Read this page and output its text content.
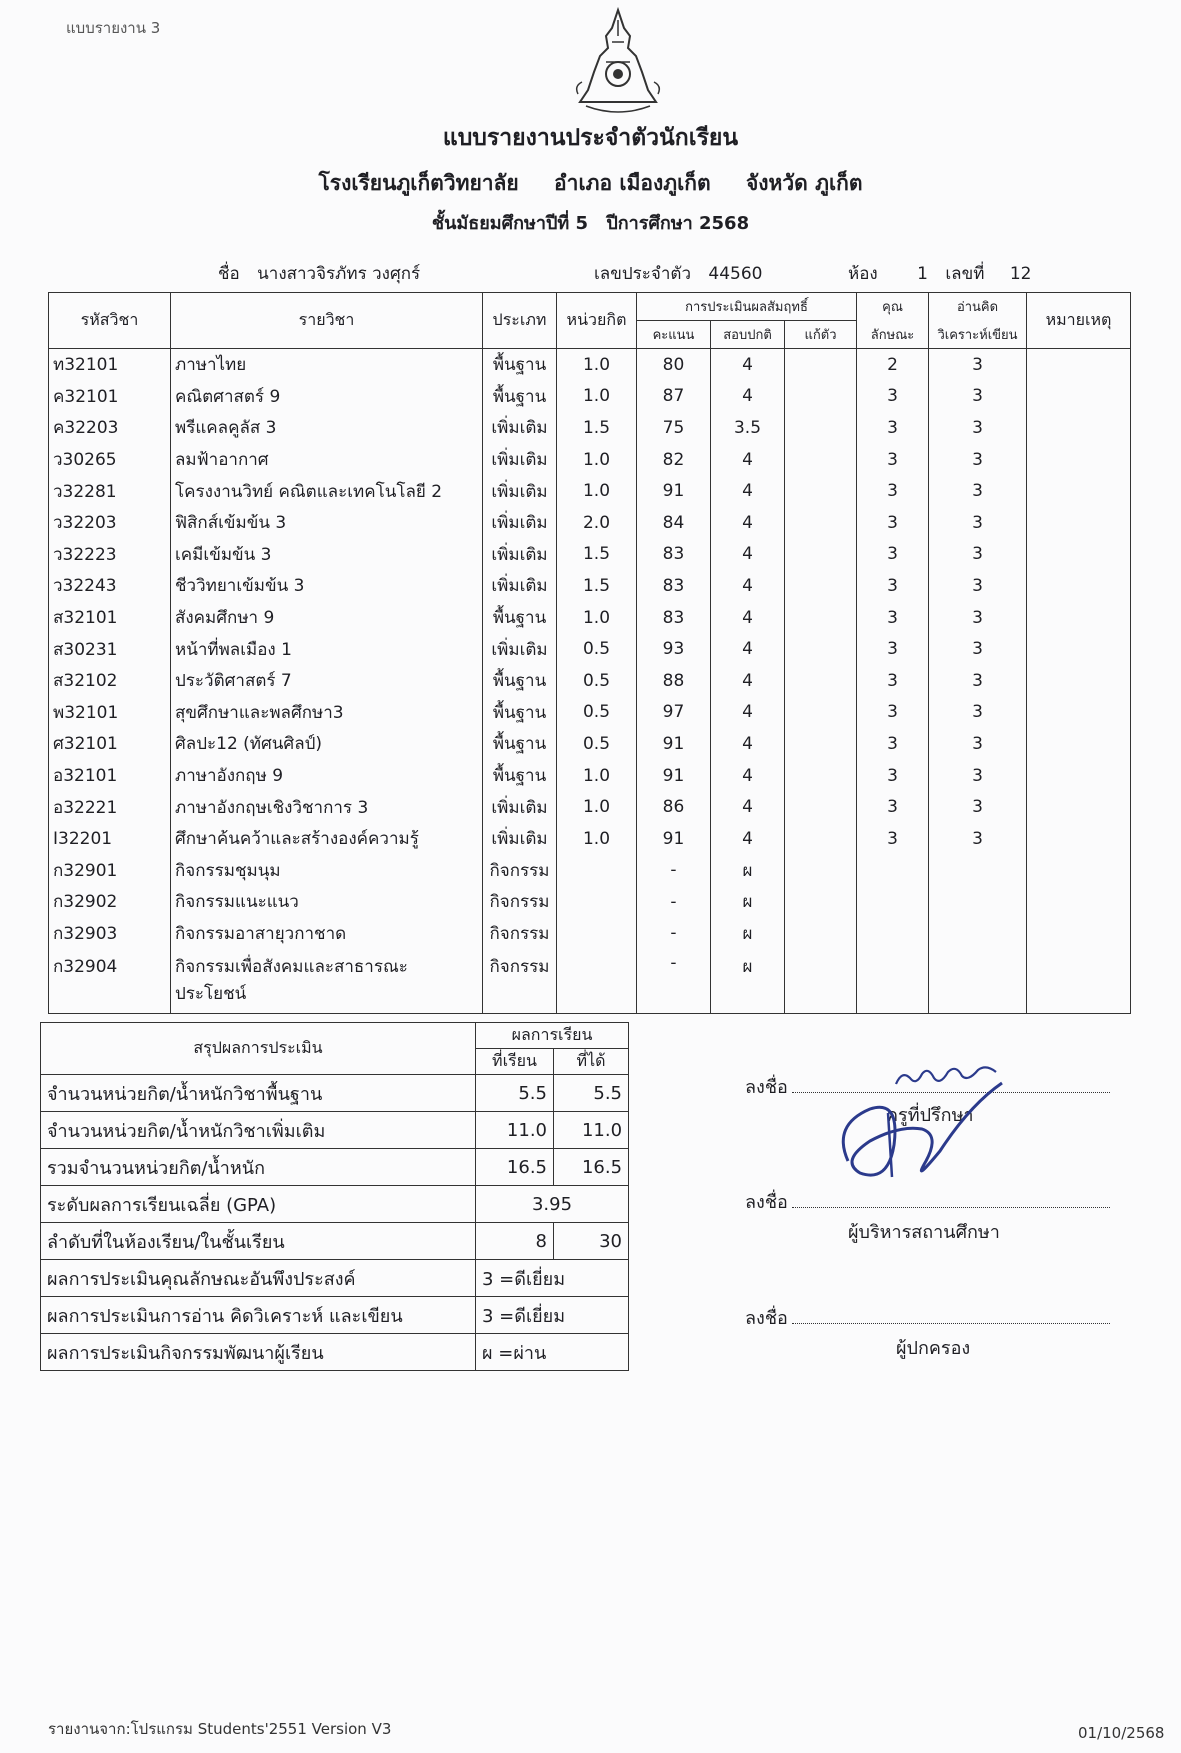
แบบรายงาน 3
แบบรายงานประจำตัวนักเรียน
โรงเรียนภูเก็ตวิทยาลัย อำเภอ เมืองภูเก็ต จังหวัด ภูเก็ต
ชั้นมัธยมศึกษาปีที่ 5 ปีการศึกษา 2568
ชื่อ นางสาวจิรภัทร วงศุกร์	เลขประจำตัว 44560	ห้อง 1 เลขที่ 12
รหัสวิชา	รายวิชา	ประเภท	หน่วยกิต	การประเมินผลสัมฤทธิ์			คุณ	อ่านคิด	หมายเหตุ
				คะแนน	สอบปกติ	แก้ตัว	ลักษณะ	วิเคราะห์เขียน	
ท32101	ภาษาไทย	พื้นฐาน	1.0	80	4		2	3	
ค32101	คณิตศาสตร์ 9	พื้นฐาน	1.0	87	4		3	3	
ค32203	พรีแคลคูลัส 3	เพิ่มเติม	1.5	75	3.5		3	3	
ว30265	ลมฟ้าอากาศ	เพิ่มเติม	1.0	82	4		3	3	
ว32281	โครงงานวิทย์ คณิตและเทคโนโลยี 2	เพิ่มเติม	1.0	91	4		3	3	
ว32203	ฟิสิกส์เข้มข้น 3	เพิ่มเติม	2.0	84	4		3	3	
ว32223	เคมีเข้มข้น 3	เพิ่มเติม	1.5	83	4		3	3	
ว32243	ชีววิทยาเข้มข้น 3	เพิ่มเติม	1.5	83	4		3	3	
ส32101	สังคมศึกษา 9	พื้นฐาน	1.0	83	4		3	3	
ส30231	หน้าที่พลเมือง 1	เพิ่มเติม	0.5	93	4		3	3	
ส32102	ประวัติศาสตร์ 7	พื้นฐาน	0.5	88	4		3	3	
พ32101	สุขศึกษาและพลศึกษา3	พื้นฐาน	0.5	97	4		3	3	
ศ32101	ศิลปะ12 (ทัศนศิลป์)	พื้นฐาน	0.5	91	4		3	3	
อ32101	ภาษาอังกฤษ 9	พื้นฐาน	1.0	91	4		3	3	
อ32221	ภาษาอังกฤษเชิงวิชาการ 3	เพิ่มเติม	1.0	86	4		3	3	
I32201	ศึกษาค้นคว้าและสร้างองค์ความรู้	เพิ่มเติม	1.0	91	4		3	3	
ก32901	กิจกรรมชุมนุม	กิจกรรม		-	ผ				
ก32902	กิจกรรมแนะแนว	กิจกรรม		-	ผ				
ก32903	กิจกรรมอาสายุวกาชาด	กิจกรรม		-	ผ				
ก32904	กิจกรรมเพื่อสังคมและสาธารณะประโยชน์	กิจกรรม		-	ผ				
สรุปผลการประเมิน	ผลการเรียน	
	ที่เรียน	ที่ได้
จำนวนหน่วยกิต/น้ำหนักวิชาพื้นฐาน	5.5	5.5
จำนวนหน่วยกิต/น้ำหนักวิชาเพิ่มเติม	11.0	11.0
รวมจำนวนหน่วยกิต/น้ำหนัก	16.5	16.5
ระดับผลการเรียนเฉลี่ย (GPA)	3.95	
ลำดับที่ในห้องเรียน/ในชั้นเรียน	8	30
ผลการประเมินคุณลักษณะอันพึงประสงค์	3 =ดีเยี่ยม	
ผลการประเมินการอ่าน คิดวิเคราะห์ และเขียน	3 =ดีเยี่ยม	
ผลการประเมินกิจกรรมพัฒนาผู้เรียน	ผ =ผ่าน	
ลงชื่อ
ครูที่ปรึกษา
ลงชื่อ
ผู้บริหารสถานศึกษา
ลงชื่อ
ผู้ปกครอง
รายงานจาก:โปรแกรม Students'2551 Version V3	01/10/2568
